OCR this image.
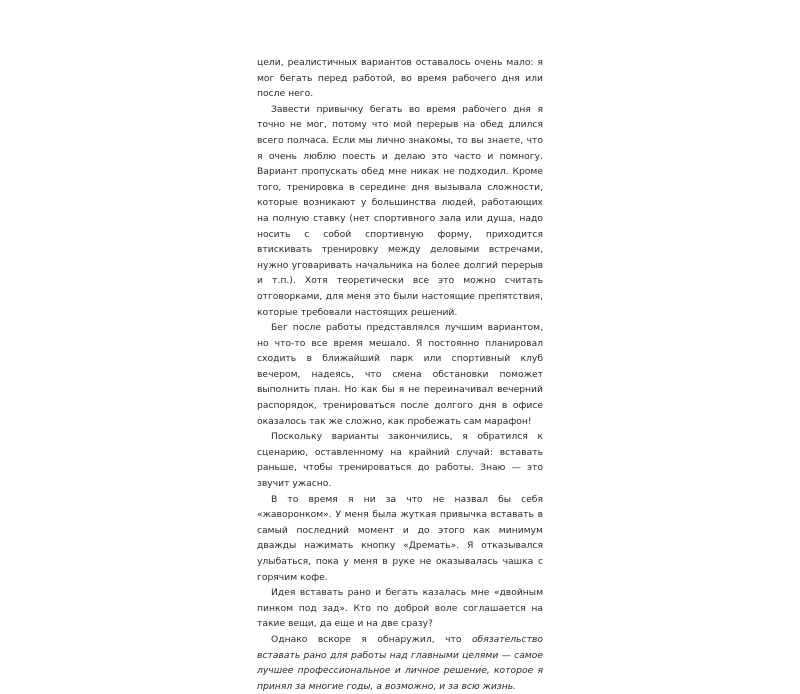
цели, реалистичных вариантов оставалось очень мало: я мог бегать перед работой, во время рабочего дня или после него.

Завести привычку бегать во время рабочего дня я точно не мог, потому что мой перерыв на обед длился всего полчаса. Если мы лично знакомы, то вы знаете, что я очень люблю поесть и делаю это часто и помногу. Вариант пропускать обед мне никак не подходил. Кроме того, тренировка в середине дня вызывала сложности, которые возникают у большинства людей, работающих на полную ставку (нет спортивного зала или душа, надо носить с собой спортивную форму, приходится втискивать тренировку между деловыми встречами, нужно уговаривать начальника на более долгий перерыв и т.п.). Хотя теоретически все это можно считать отговорками, для меня это были настоящие препятствия, которые требовали настоящих решений.

Бег после работы представлялся лучшим вариантом, но что-то все время мешало. Я постоянно планировал сходить в ближайший парк или спортивный клуб вечером, надеясь, что смена обстановки поможет выполнить план. Но как бы я не переиначивал вечерний распорядок, тренироваться после долгого дня в офисе оказалось так же сложно, как пробежать сам марафон!

Поскольку варианты закончились, я обратился к сценарию, оставленному на крайний случай: вставать раньше, чтобы тренироваться до работы. Знаю — это звучит ужасно.

В то время я ни за что не назвал бы себя «жаворонком». У меня была жуткая привычка вставать в самый последний момент и до этого как минимум дважды нажимать кнопку «Дремать». Я отказывался улыбаться, пока у меня в руке не оказывалась чашка с горячим кофе.

Идея вставать рано и бегать казалась мне «двойным пинком под зад». Кто по доброй воле соглашается на такие вещи, да еще и на две сразу?

Однако вскоре я обнаружил, что обязательство вставать рано для работы над главными целями — самое лучшее профессиональное и личное решение, которое я принял за многие годы, а возможно, и за всю жизнь.
